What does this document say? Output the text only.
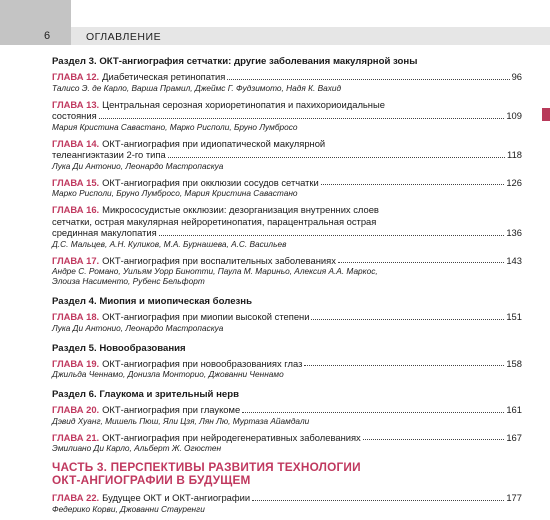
6	ОГЛАВЛЕНИЕ
Раздел 3. ОКТ-ангиография сетчатки: другие заболевания макулярной зоны
ГЛАВА 12. Диабетическая ретинопатия	96
Талисо Э. де Карло, Варша Прамил, Джеймс Г. Фудзимото, Надя К. Вахид
ГЛАВА 13. Центральная серозная хориоретинопатия и пахихориоидальные
состояния	109
Мария Кристина Савастано, Марко Рисполи, Бруно Лумбросо
ГЛАВА 14. ОКТ-ангиография при идиопатической макулярной
телеангиэктазии 2-го типа	118
Лука Ди Антонио, Леонардо Мастропаскуа
ГЛАВА 15. ОКТ-ангиография при окклюзии сосудов сетчатки	126
Марко Рисполи, Бруно Лумбросо, Мария Кристина Савастано
ГЛАВА 16. Микрососудистые окклюзии: дезорганизация внутренних слоев
сетчатки, острая макулярная нейроретинопатия, парацентральная острая
срединная макулопатия	136
Д.С. Мальцев, А.Н. Куликов, М.А. Бурнашева, А.С. Васильев
ГЛАВА 17. ОКТ-ангиография при воспалительных заболеваниях	143
Андре С. Романо, Уильям Уорр Бинотти, Паула М. Мариньо, Алексия А.А. Маркос,
Элоиза Насименто, Рубенс Бельфорт
Раздел 4. Миопия и миопическая болезнь
ГЛАВА 18. ОКТ-ангиография при миопии высокой степени	151
Лука Ди Антонио, Леонардо Мастропаскуа
Раздел 5. Новообразования
ГЛАВА 19. ОКТ-ангиография при новообразованиях глаз	158
Джильда Ченнамо, Донизла Монторио, Джованни Ченнамо
Раздел 6. Глаукома и зрительный нерв
ГЛАВА 20. ОКТ-ангиография при глаукоме	161
Дэвид Хуанг, Мишель Пюш, Яли Цзя, Лян Лю, Муртаза Айамдали
ГЛАВА 21. ОКТ-ангиография при нейродегенеративных заболеваниях	167
Эмилиано Ди Карло, Альберт Ж. Огюстен
ЧАСТЬ 3. ПЕРСПЕКТИВЫ РАЗВИТИЯ ТЕХНОЛОГИИ
ОКТ-АНГИОГРАФИИ В БУДУЩЕМ
ГЛАВА 22. Будущее ОКТ и ОКТ-ангиографии	177
Федерико Корви, Джованни Стауренги
